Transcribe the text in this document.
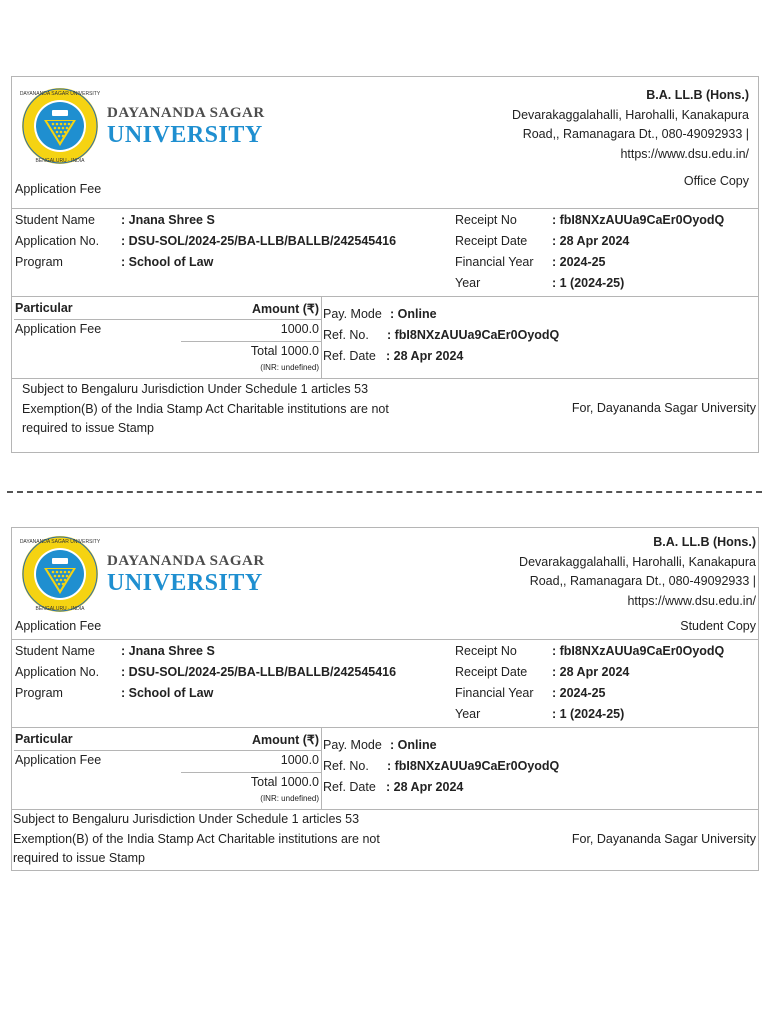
DAYANANDA SAGAR UNIVERSITY
BENGALURU · INDIA
DAYANANDA SAGAR
UNIVERSITY
B.A. LL.B (Hons.)
Devarakaggalahalli, Harohalli, Kanakapura
Road,, Ramanagara Dt., 080-49092933 |
https://www.dsu.edu.in/
Application Fee
Office Copy
Student Name : Jnana Shree S	Receipt No	: fbI8NXzAUUa9CaEr0OyodQ
Application No. : DSU-SOL/2024-25/BA-LLB/BALLB/242545416	Receipt Date : 28 Apr 2024
Program	: School of Law	Financial Year : 2024-25
Year	: 1 (2024-25)
Particular	Amount (₹)
Application Fee	1000.0
Total 1000.0
(INR: undefined)
Pay. Mode : Online
Ref. No. : fbI8NXzAUUa9CaEr0OyodQ
Ref. Date : 28 Apr 2024
Subject to Bengaluru Jurisdiction Under Schedule 1 articles 53
Exemption(B) of the India Stamp Act Charitable institutions are not
required to issue Stamp
For, Dayananda Sagar University
DAYANANDA SAGAR UNIVERSITY
BENGALURU · INDIA
DAYANANDA SAGAR
UNIVERSITY
B.A. LL.B (Hons.)
Devarakaggalahalli, Harohalli, Kanakapura
Road,, Ramanagara Dt., 080-49092933 |
https://www.dsu.edu.in/
Application Fee	Student Copy
Student Name : Jnana Shree S	Receipt No	: fbI8NXzAUUa9CaEr0OyodQ
Application No. : DSU-SOL/2024-25/BA-LLB/BALLB/242545416	Receipt Date : 28 Apr 2024
Program	: School of Law	Financial Year : 2024-25
Year	: 1 (2024-25)
Particular	Amount (₹)
Application Fee	1000.0
Total 1000.0
(INR: undefined)
Pay. Mode : Online
Ref. No. : fbI8NXzAUUa9CaEr0OyodQ
Ref. Date : 28 Apr 2024
Subject to Bengaluru Jurisdiction Under Schedule 1 articles 53
Exemption(B) of the India Stamp Act Charitable institutions are not
required to issue Stamp
For, Dayananda Sagar University
